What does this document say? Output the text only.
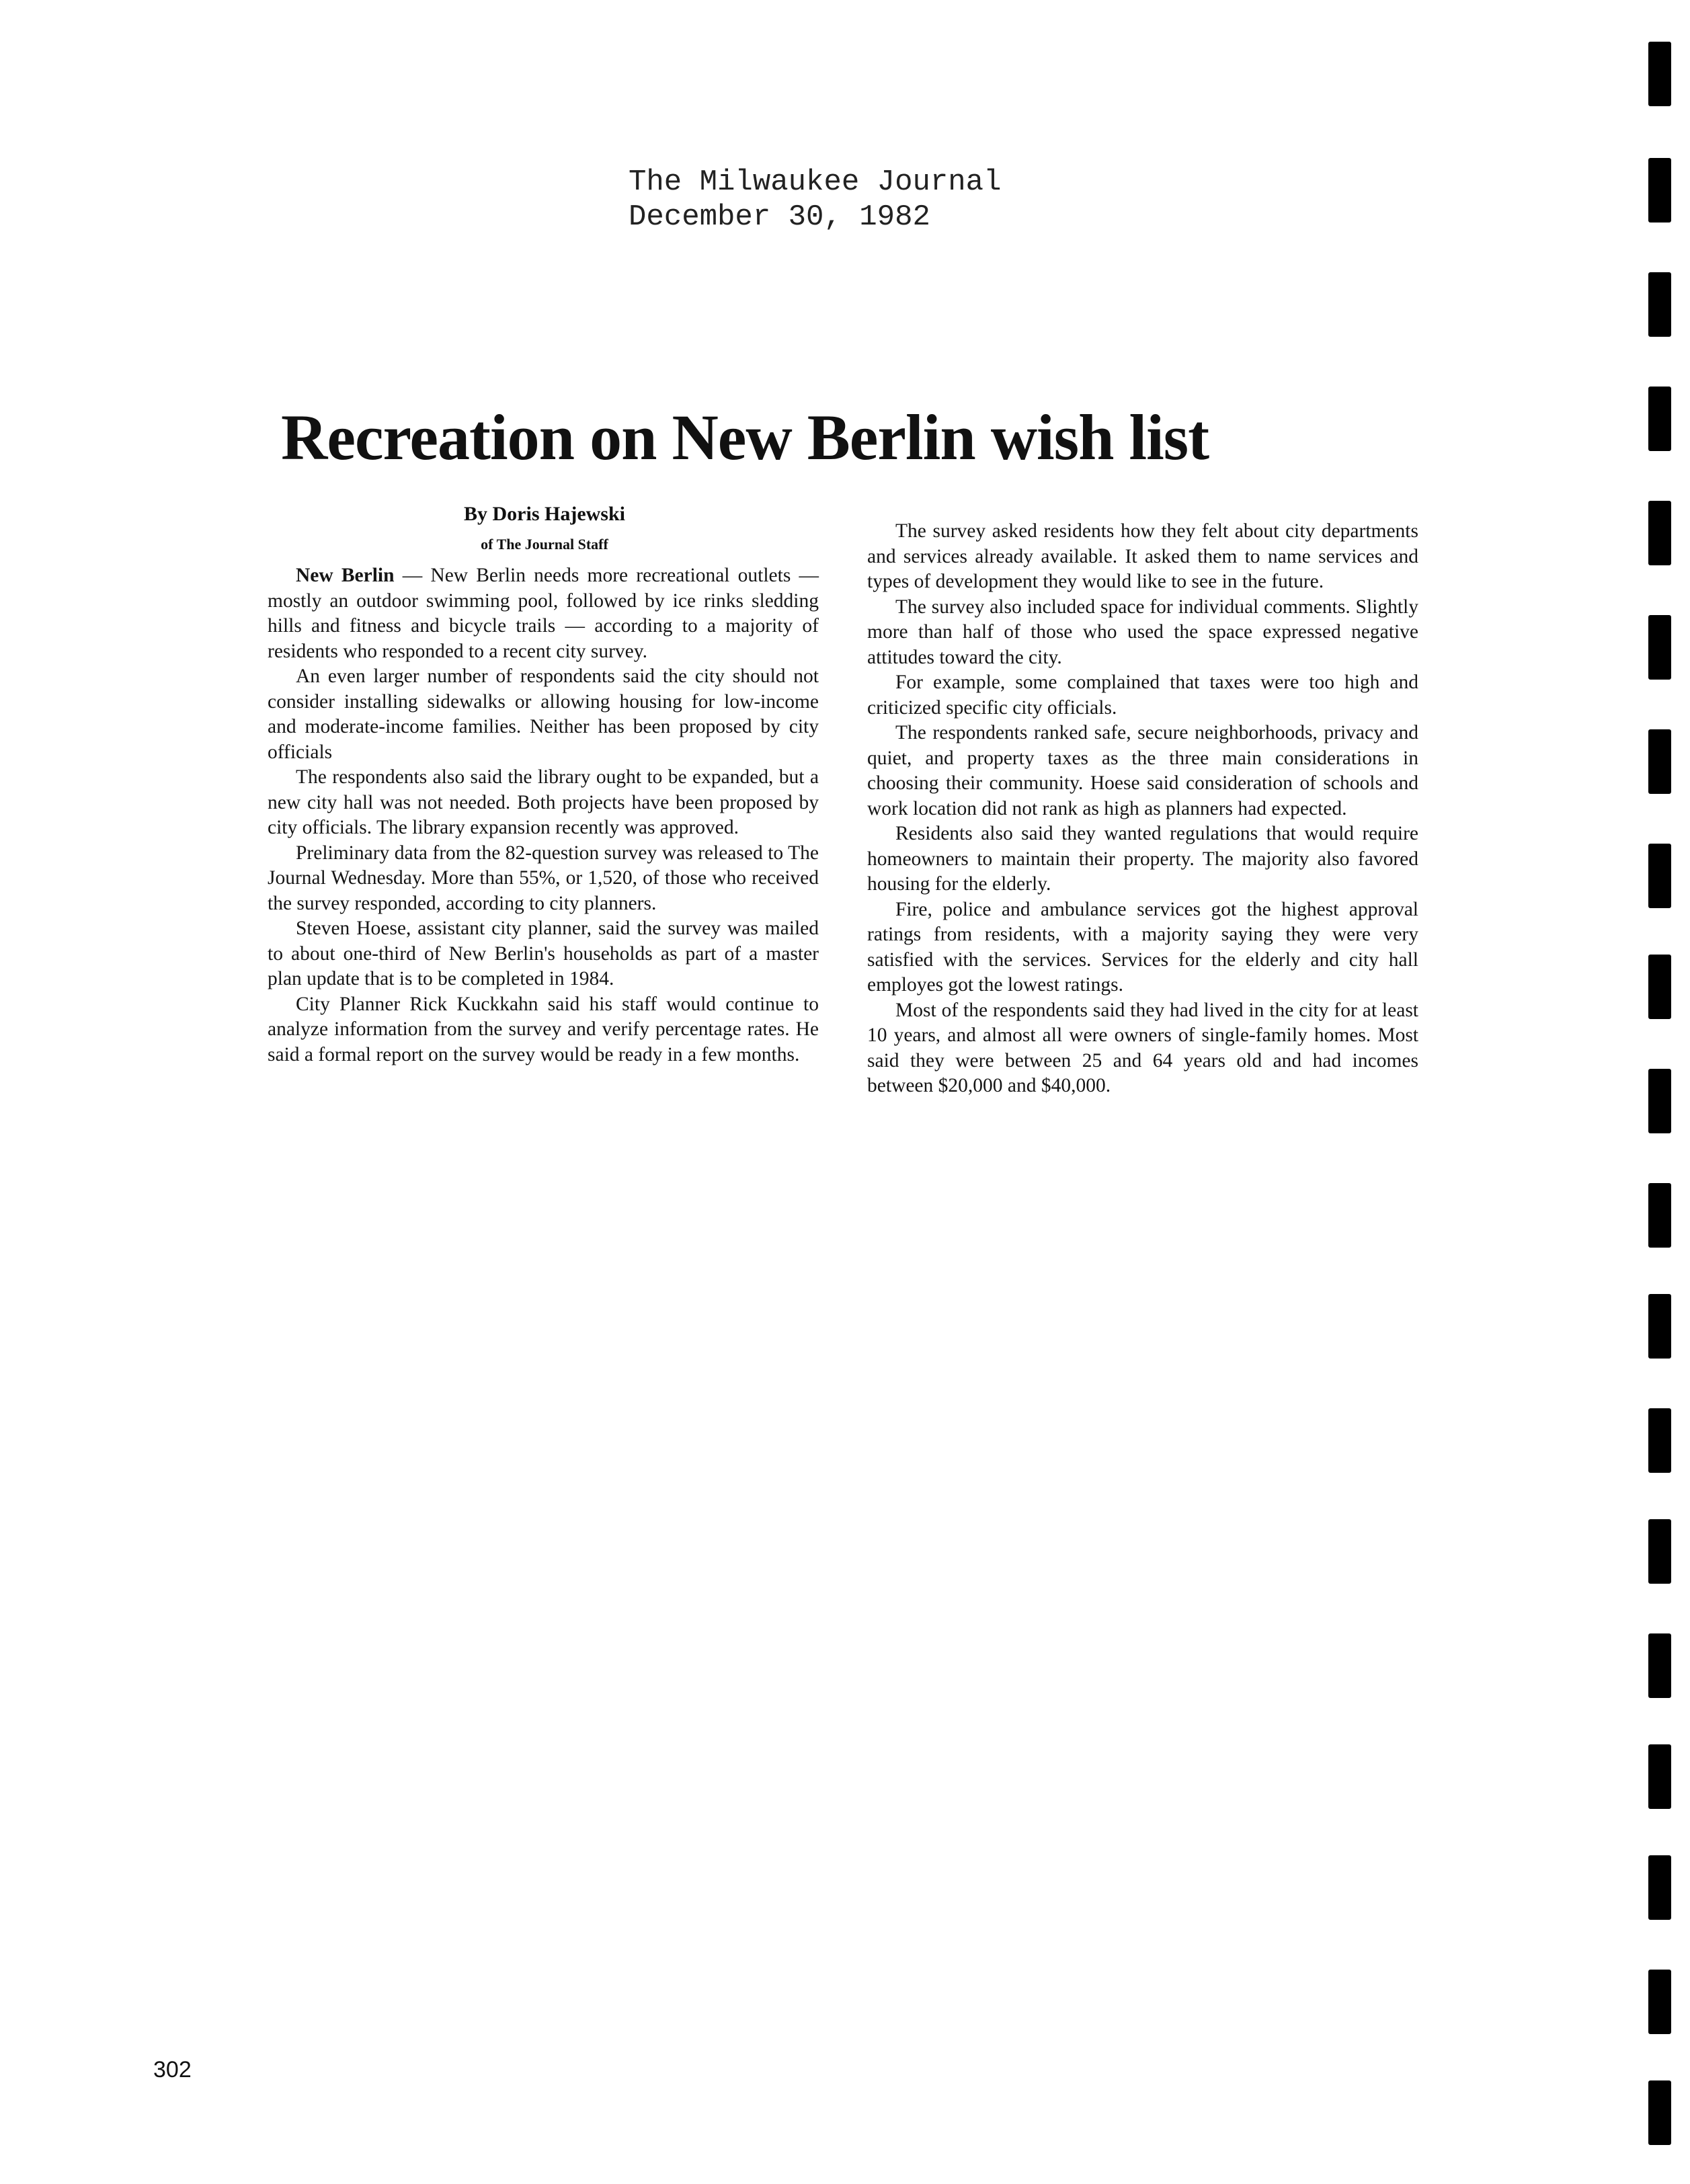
The Milwaukee Journal
December 30, 1982
Recreation on New Berlin wish list
By Doris Hajewski
of The Journal Staff

New Berlin — New Berlin needs more recreational outlets — mostly an outdoor swimming pool, followed by ice rinks sledding hills and fitness and bicycle trails — according to a majority of residents who responded to a recent city survey.

An even larger number of respondents said the city should not consider installing sidewalks or allowing housing for low-income and moderate-income families. Neither has been proposed by city officials

The respondents also said the library ought to be expanded, but a new city hall was not needed. Both projects have been proposed by city officials. The library expansion recently was approved.

Preliminary data from the 82-question survey was released to The Journal Wednesday. More than 55%, or 1,520, of those who received the survey responded, according to city planners.

Steven Hoese, assistant city planner, said the survey was mailed to about one-third of New Berlin's households as part of a master plan update that is to be completed in 1984.

City Planner Rick Kuckkahn said his staff would continue to analyze information from the survey and verify percentage rates. He said a formal report on the survey would be ready in a few months.

The survey asked residents how they felt about city departments and services already available. It asked them to name services and types of development they would like to see in the future.

The survey also included space for individual comments. Slightly more than half of those who used the space expressed negative attitudes toward the city.

For example, some complained that taxes were too high and criticized specific city officials.

The respondents ranked safe, secure neighborhoods, privacy and quiet, and property taxes as the three main considerations in choosing their community. Hoese said consideration of schools and work location did not rank as high as planners had expected.

Residents also said they wanted regulations that would require homeowners to maintain their property. The majority also favored housing for the elderly.

Fire, police and ambulance services got the highest approval ratings from residents, with a majority saying they were very satisfied with the services. Services for the elderly and city hall employes got the lowest ratings.

Most of the respondents said they had lived in the city for at least 10 years, and almost all were owners of single-family homes. Most said they were between 25 and 64 years old and had incomes between $20,000 and $40,000.

302
